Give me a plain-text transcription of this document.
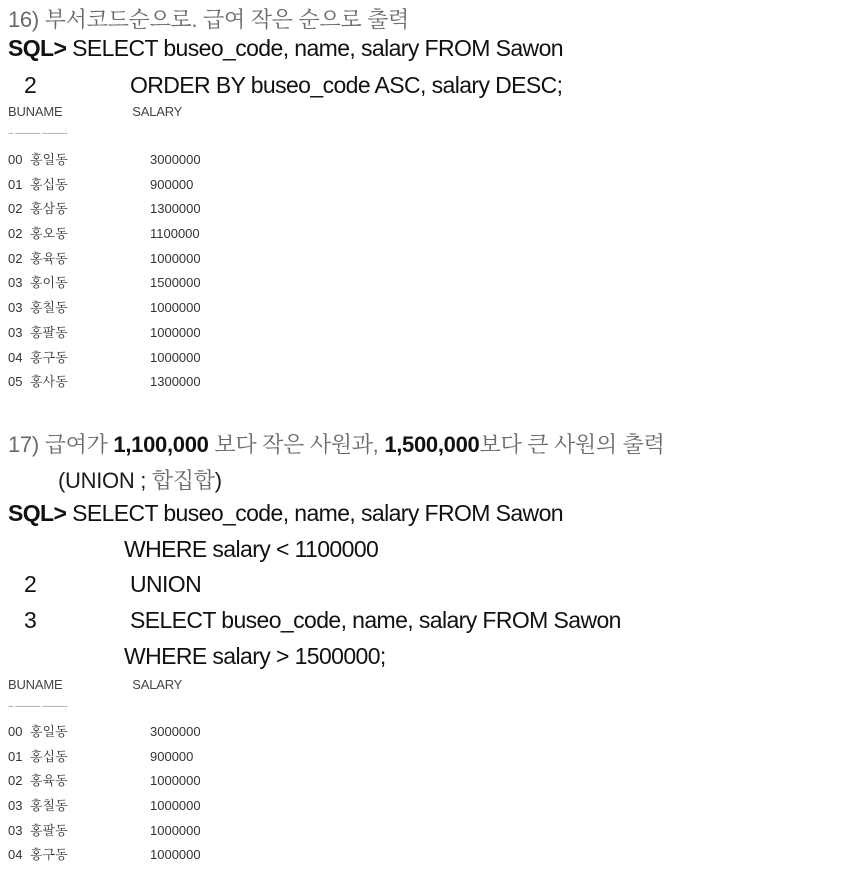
16) 부서코드순으로. 급여 작은 순으로 출력
SQL> SELECT buseo_code, name, salary FROM Sawon
2	ORDER BY buseo_code ASC, salary DESC;
BUNAME	SALARY
-- ---------- ----------
00 홍일동	3000000
01 홍십동	900000
02 홍삼동	1300000
02 홍오동	1100000
02 홍육동	1000000
03 홍이동	1500000
03 홍칠동	1000000
03 홍팔동	1000000
04 홍구동	1000000
05 홍사동	1300000
17) 급여가 1,100,000 보다 작은 사원과, 1,500,000보다 큰 사원의 출력
(UNION ; 합집합)
SQL> SELECT buseo_code, name, salary FROM Sawon
WHERE salary < 1100000
2	UNION
3	SELECT buseo_code, name, salary FROM Sawon
WHERE salary > 1500000;
BUNAME	SALARY
-- ---------- ----------
00 홍일동	3000000
01 홍십동	900000
02 홍육동	1000000
03 홍칠동	1000000
03 홍팔동	1000000
04 홍구동	1000000
